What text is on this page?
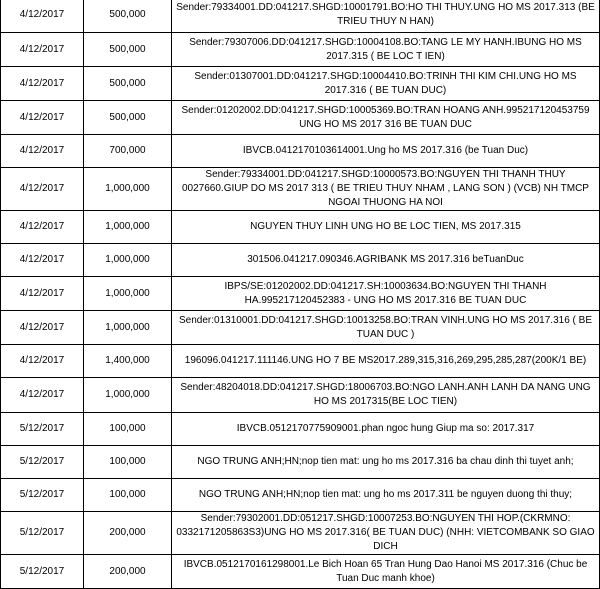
4/12/2017	500,000	Sender:79334001.DD:041217.SHGD:10001791.BO:HO THI THUY.UNG HO MS 2017.313 (BE TRIEU THUY N HAN)
4/12/2017	500,000	Sender:79307006.DD:041217.SHGD:10004108.BO:TANG LE MY HANH.IBUNG HO MS 2017.315 ( BE LOC T IEN)
4/12/2017	500,000	Sender:01307001.DD:041217.SHGD:10004410.BO:TRINH THI KIM CHI.UNG HO MS 2017.316 ( BE TUAN DUC)
4/12/2017	500,000	Sender:01202002.DD:041217.SHGD:10005369.BO:TRAN HOANG ANH.995217120453759 UNG HO MS 2017 316 BE TUAN DUC
4/12/2017	700,000	IBVCB.0412170103614001.Ung ho MS 2017.316 (be Tuan Duc)
4/12/2017	1,000,000	Sender:79334001.DD:041217.SHGD:10000573.BO:NGUYEN THI THANH THUY 0027660.GIUP DO MS 2017 313 ( BE TRIEU THUY NHAM , LANG SON ) (VCB) NH TMCP NGOAI THUONG HA NOI
4/12/2017	1,000,000	NGUYEN THUY LINH UNG HO BE LOC TIEN, MS 2017.315
4/12/2017	1,000,000	301506.041217.090346.AGRIBANK MS 2017.316 beTuanDuc
4/12/2017	1,000,000	IBPS/SE:01202002.DD:041217.SH:10003634.BO:NGUYEN THI THANH HA.995217120452383 - UNG HO MS 2017.316 BE TUAN DUC
4/12/2017	1,000,000	Sender:01310001.DD:041217.SHGD:10013258.BO:TRAN VINH.UNG HO MS 2017.316 ( BE TUAN DUC )
4/12/2017	1,400,000	196096.041217.111146.UNG HO 7 BE MS2017.289,315,316,269,295,285,287(200K/1 BE)
4/12/2017	1,000,000	Sender:48204018.DD:041217.SHGD:18006703.BO:NGO LANH.ANH LANH DA NANG UNG HO MS 2017315(BE LOC TIEN)
5/12/2017	100,000	IBVCB.0512170775909001.phan ngoc hung Giup ma so: 2017.317
5/12/2017	100,000	NGO TRUNG ANH;HN;nop tien mat: ung ho ms 2017.316 ba chau dinh thi tuyet anh;
5/12/2017	100,000	NGO TRUNG ANH;HN;nop tien mat: ung ho ms 2017.311 be nguyen duong thi thuy;
5/12/2017	200,000	Sender:79302001.DD:051217.SHGD:10007253.BO:NGUYEN THI HOP.(CKRMNO: 0332171205863S3)UNG HO MS 2017.316( BE TUAN DUC) (NHH: VIETCOMBANK SO GIAO DICH
5/12/2017	200,000	IBVCB.0512170161298001.Le Bich Hoan 65 Tran Hung Dao Hanoi MS 2017.316 (Chuc be Tuan Duc manh khoe)
